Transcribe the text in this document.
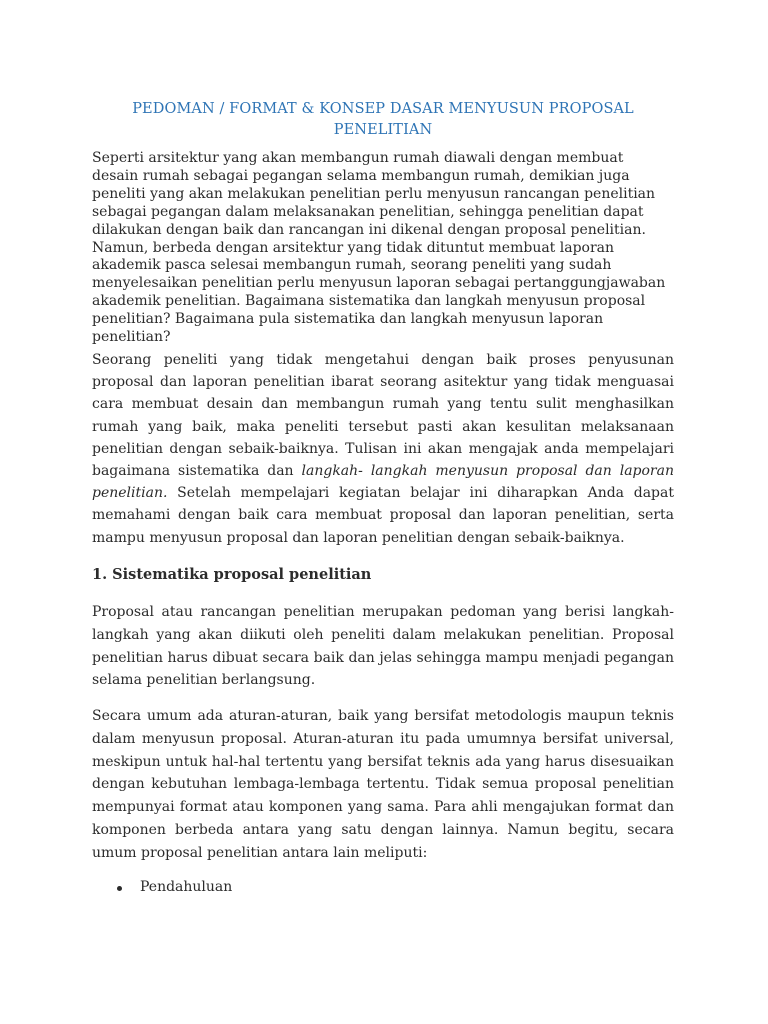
PEDOMAN / FORMAT & KONSEP DASAR MENYUSUN PROPOSAL
PENELITIAN

Seperti arsitektur yang akan membangun rumah diawali dengan membuat desain rumah sebagai pegangan selama membangun rumah, demikian juga peneliti yang akan melakukan penelitian perlu menyusun rancangan penelitian sebagai pegangan dalam melaksanakan penelitian, sehingga penelitian dapat dilakukan dengan baik dan rancangan ini dikenal dengan proposal penelitian. Namun, berbeda dengan arsitektur yang tidak dituntut membuat laporan akademik pasca selesai membangun rumah, seorang peneliti yang sudah menyelesaikan penelitian perlu menyusun laporan sebagai pertanggungjawaban akademik penelitian. Bagaimana sistematika dan langkah menyusun proposal penelitian? Bagaimana pula sistematika dan langkah menyusun laporan penelitian?

Seorang peneliti yang tidak mengetahui dengan baik proses penyusunan proposal dan laporan penelitian ibarat seorang asitektur yang tidak menguasai cara membuat desain dan membangun rumah yang tentu sulit menghasilkan rumah yang baik, maka peneliti tersebut pasti akan kesulitan melaksanaan penelitian dengan sebaik-baiknya. Tulisan ini akan mengajak anda mempelajari bagaimana sistematika dan langkah- langkah menyusun proposal dan laporan penelitian. Setelah mempelajari kegiatan belajar ini diharapkan Anda dapat memahami dengan baik cara membuat proposal dan laporan penelitian, serta mampu menyusun proposal dan laporan penelitian dengan sebaik-baiknya.

1. Sistematika proposal penelitian

Proposal atau rancangan penelitian merupakan pedoman yang berisi langkah-langkah yang akan diikuti oleh peneliti dalam melakukan penelitian. Proposal penelitian harus dibuat secara baik dan jelas sehingga mampu menjadi pegangan selama penelitian berlangsung.

Secara umum ada aturan-aturan, baik yang bersifat metodologis maupun teknis dalam menyusun proposal. Aturan-aturan itu pada umumnya bersifat universal, meskipun untuk hal-hal tertentu yang bersifat teknis ada yang harus disesuaikan dengan kebutuhan lembaga-lembaga tertentu. Tidak semua proposal penelitian mempunyai format atau komponen yang sama. Para ahli mengajukan format dan komponen berbeda antara yang satu dengan lainnya. Namun begitu, secara umum proposal penelitian antara lain meliputi:

Pendahuluan
